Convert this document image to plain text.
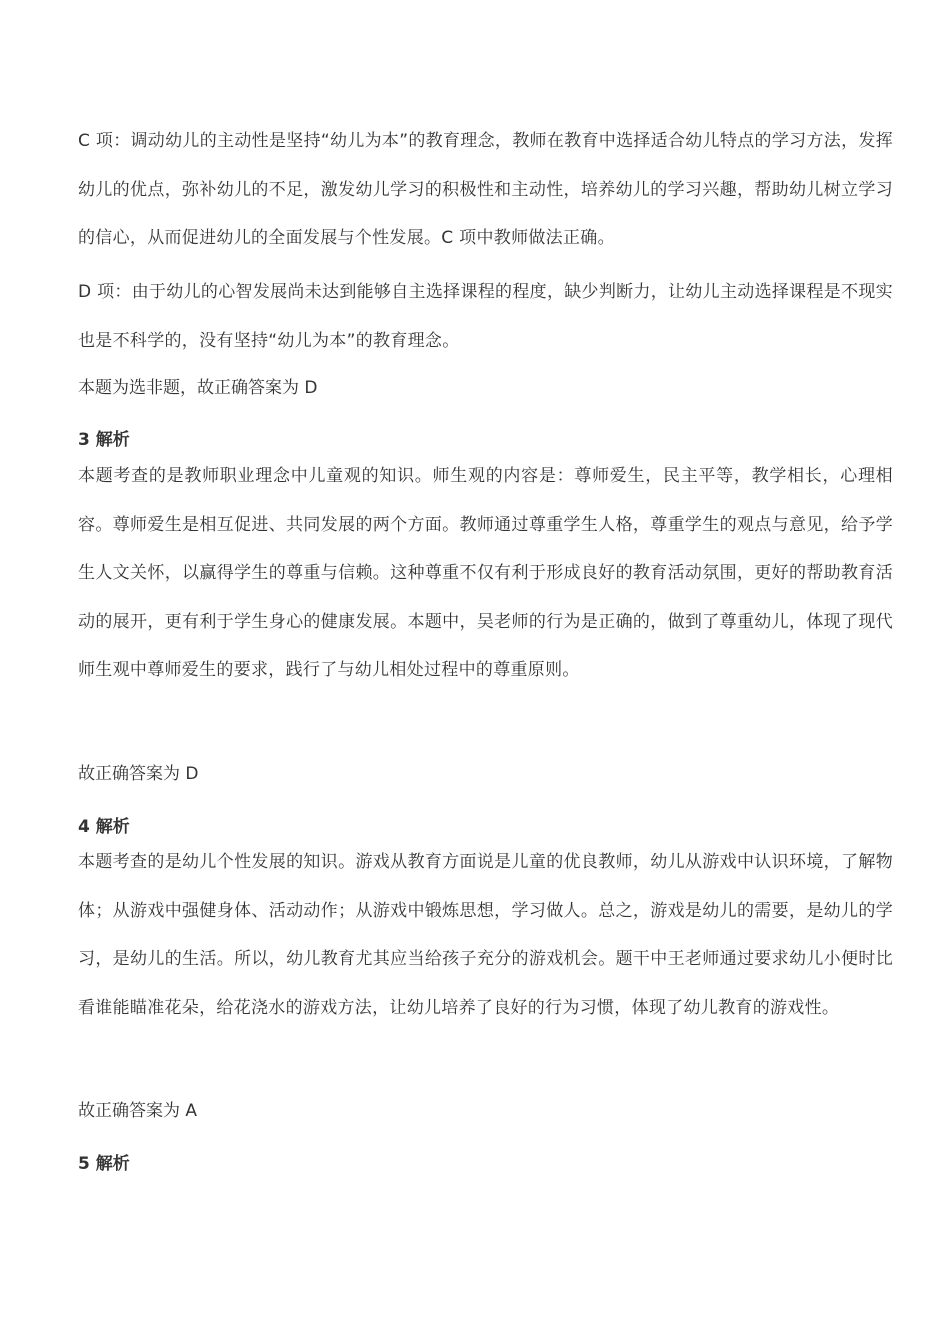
C 项：调动幼儿的主动性是坚持“幼儿为本”的教育理念，教师在教育中选择适合幼儿特点的学习方法，发挥幼儿的优点，弥补幼儿的不足，激发幼儿学习的积极性和主动性，培养幼儿的学习兴趣，帮助幼儿树立学习的信心，从而促进幼儿的全面发展与个性发展。C 项中教师做法正确。

D 项：由于幼儿的心智发展尚未达到能够自主选择课程的程度，缺少判断力，让幼儿主动选择课程是不现实也是不科学的，没有坚持“幼儿为本”的教育理念。

本题为选非题，故正确答案为 D

3 解析

本题考查的是教师职业理念中儿童观的知识。师生观的内容是：尊师爱生，民主平等，教学相长，心理相容。尊师爱生是相互促进、共同发展的两个方面。教师通过尊重学生人格，尊重学生的观点与意见，给予学生人文关怀，以赢得学生的尊重与信赖。这种尊重不仅有利于形成良好的教育活动氛围，更好的帮助教育活动的展开，更有利于学生身心的健康发展。本题中，吴老师的行为是正确的，做到了尊重幼儿，体现了现代师生观中尊师爱生的要求，践行了与幼儿相处过程中的尊重原则。

故正确答案为 D

4 解析

本题考查的是幼儿个性发展的知识。游戏从教育方面说是儿童的优良教师，幼儿从游戏中认识环境，了解物体；从游戏中强健身体、活动动作；从游戏中锻炼思想，学习做人。总之，游戏是幼儿的需要，是幼儿的学习，是幼儿的生活。所以，幼儿教育尤其应当给孩子充分的游戏机会。题干中王老师通过要求幼儿小便时比看谁能瞄准花朵，给花浇水的游戏方法，让幼儿培养了良好的行为习惯，体现了幼儿教育的游戏性。

故正确答案为 A

5 解析
